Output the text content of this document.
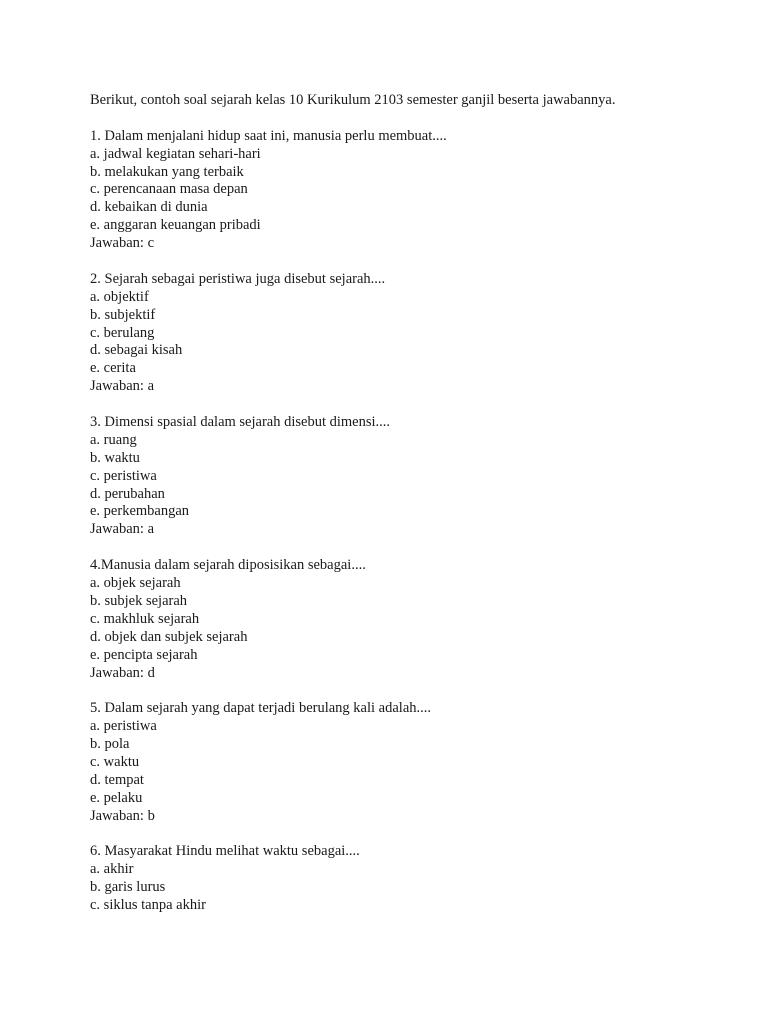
Berikut, contoh soal sejarah kelas 10 Kurikulum 2103 semester ganjil beserta jawabannya.
1. Dalam menjalani hidup saat ini, manusia perlu membuat....
a. jadwal kegiatan sehari-hari
b. melakukan yang terbaik
c. perencanaan masa depan
d. kebaikan di dunia
e. anggaran keuangan pribadi
Jawaban: c
2. Sejarah sebagai peristiwa juga disebut sejarah....
a. objektif
b. subjektif
c. berulang
d. sebagai kisah
e. cerita
Jawaban: a
3. Dimensi spasial dalam sejarah disebut dimensi....
a. ruang
b. waktu
c. peristiwa
d. perubahan
e. perkembangan
Jawaban: a
4.Manusia dalam sejarah diposisikan sebagai....
a. objek sejarah
b. subjek sejarah
c. makhluk sejarah
d. objek dan subjek sejarah
e. pencipta sejarah
Jawaban: d
5. Dalam sejarah yang dapat terjadi berulang kali adalah....
a. peristiwa
b. pola
c. waktu
d. tempat
e. pelaku
Jawaban: b
6. Masyarakat Hindu melihat waktu sebagai....
a. akhir
b. garis lurus
c. siklus tanpa akhir
